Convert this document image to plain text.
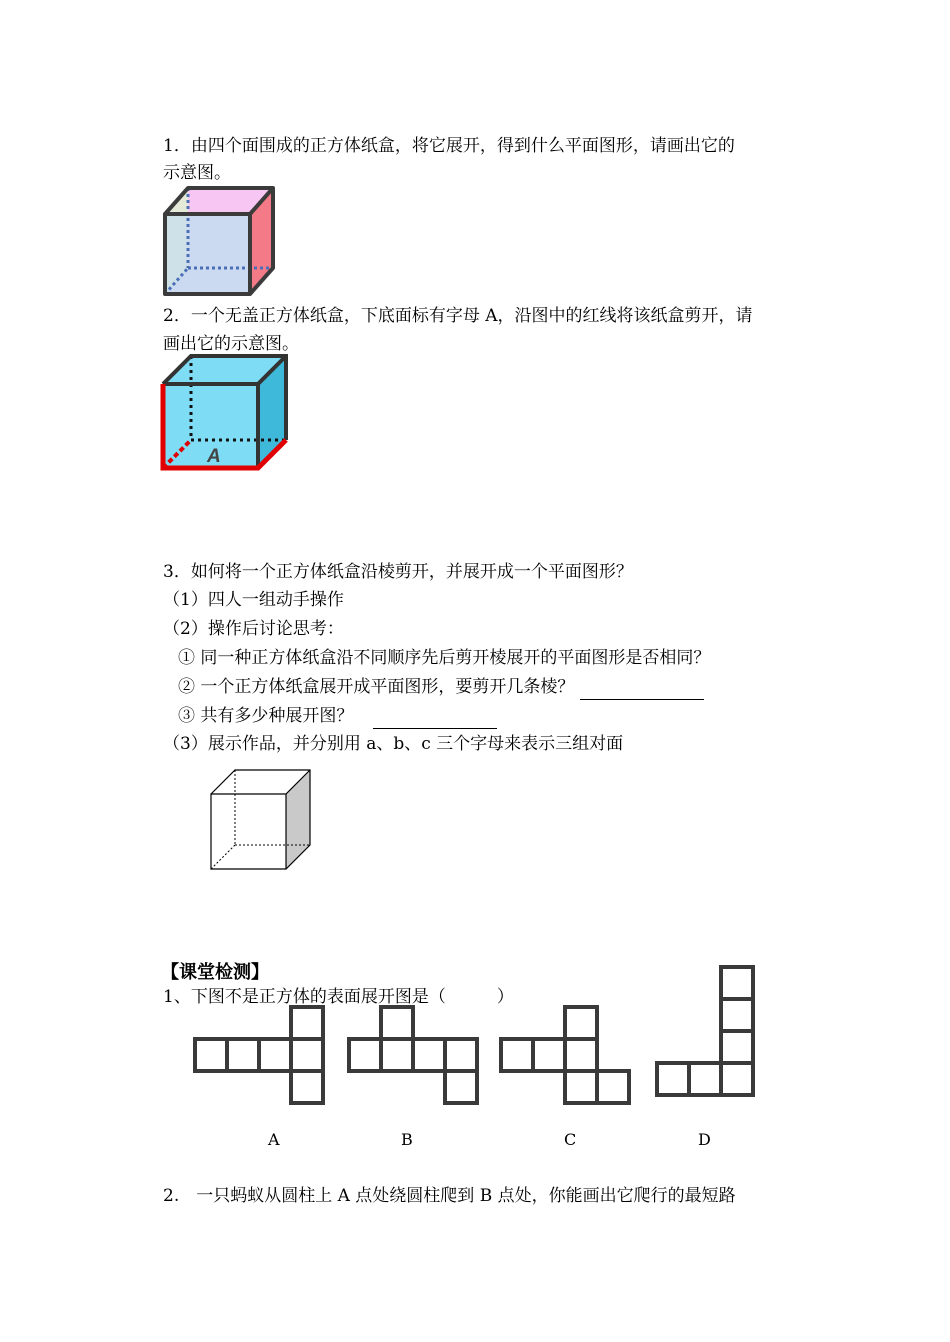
1．由四个面围成的正方体纸盒，将它展开，得到什么平面图形，请画出它的
示意图。
2．一个无盖正方体纸盒，下底面标有字母 A，沿图中的红线将该纸盒剪开，请
画出它的示意图。
A
3．如何将一个正方体纸盒沿棱剪开，并展开成一个平面图形？
（1）四人一组动手操作
（2）操作后讨论思考：
① 同一种正方体纸盒沿不同顺序先后剪开棱展开的平面图形是否相同？
② 一个正方体纸盒展开成平面图形，要剪开几条棱？
③ 共有多少种展开图？
（3）展示作品，并分别用 a、b、c 三个字母来表示三组对面
【课堂检测】
1、下图不是正方体的表面展开图是（　　　）
A	B	C	D
2.　一只蚂蚁从圆柱上 A 点处绕圆柱爬到 B 点处，你能画出它爬行的最短路
